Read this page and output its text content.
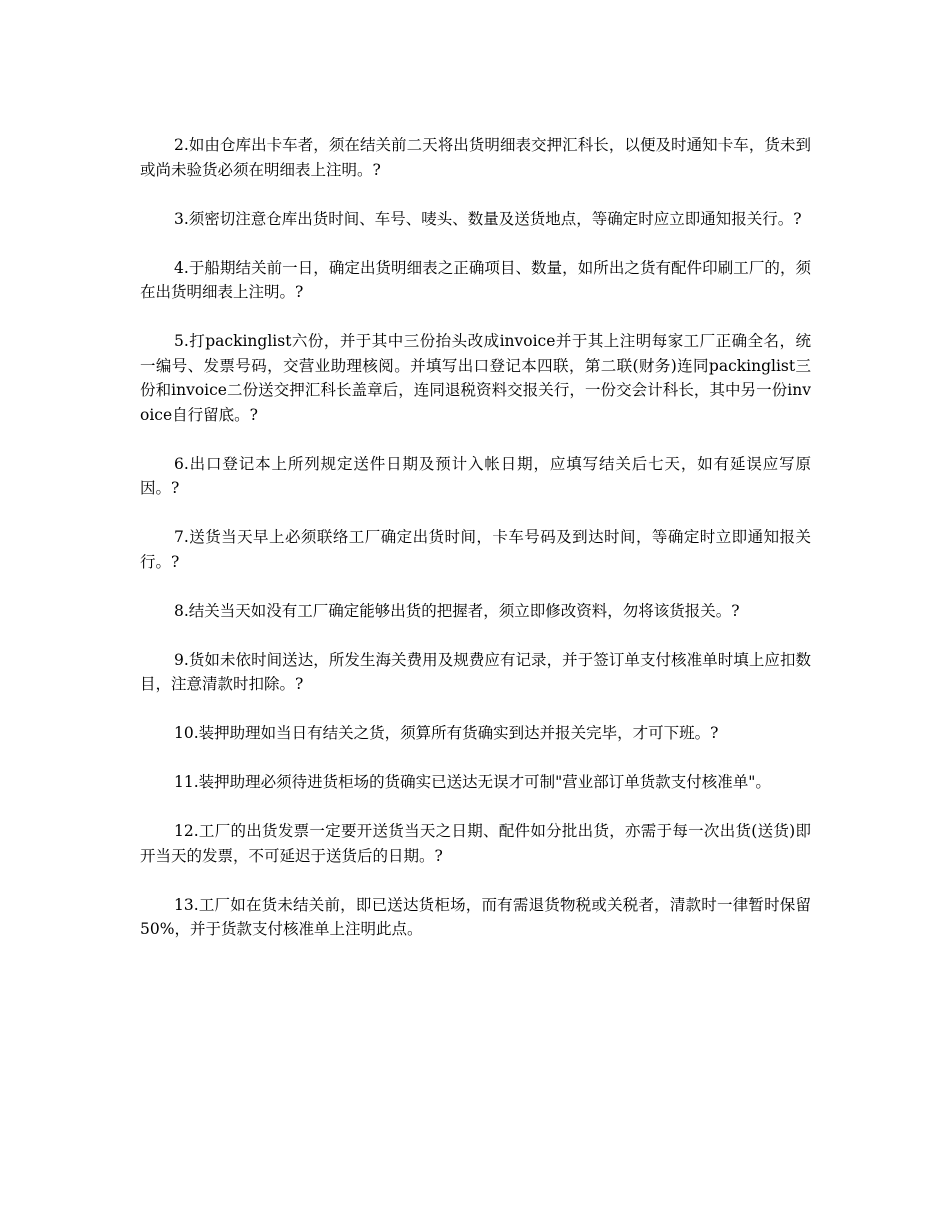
2.如由仓库出卡车者，须在结关前二天将出货明细表交押汇科长，以便及时通知卡车，货未到或尚未验货必须在明细表上注明。?

3.须密切注意仓库出货时间、车号、唛头、数量及送货地点，等确定时应立即通知报关行。?

4.于船期结关前一日，确定出货明细表之正确项目、数量，如所出之货有配件印刷工厂的，须在出货明细表上注明。?

5.打packinglist六份，并于其中三份抬头改成invoice并于其上注明每家工厂正确全名，统一编号、发票号码，交营业助理核阅。并填写出口登记本四联，第二联(财务)连同packinglist三份和invoice二份送交押汇科长盖章后，连同退税资料交报关行，一份交会计科长，其中另一份invoice自行留底。?

6.出口登记本上所列规定送件日期及预计入帐日期，应填写结关后七天，如有延误应写原因。?

7.送货当天早上必须联络工厂确定出货时间，卡车号码及到达时间，等确定时立即通知报关行。?

8.结关当天如没有工厂确定能够出货的把握者，须立即修改资料，勿将该货报关。?

9.货如未依时间送达，所发生海关费用及规费应有记录，并于签订单支付核准单时填上应扣数目，注意清款时扣除。?

10.装押助理如当日有结关之货，须算所有货确实到达并报关完毕，才可下班。?

11.装押助理必须待进货柜场的货确实已送达无误才可制"营业部订单货款支付核准单"。

12.工厂的出货发票一定要开送货当天之日期、配件如分批出货，亦需于每一次出货(送货)即开当天的发票，不可延迟于送货后的日期。?

13.工厂如在货未结关前，即已送达货柜场，而有需退货物税或关税者，清款时一律暂时保留50%，并于货款支付核准单上注明此点。
